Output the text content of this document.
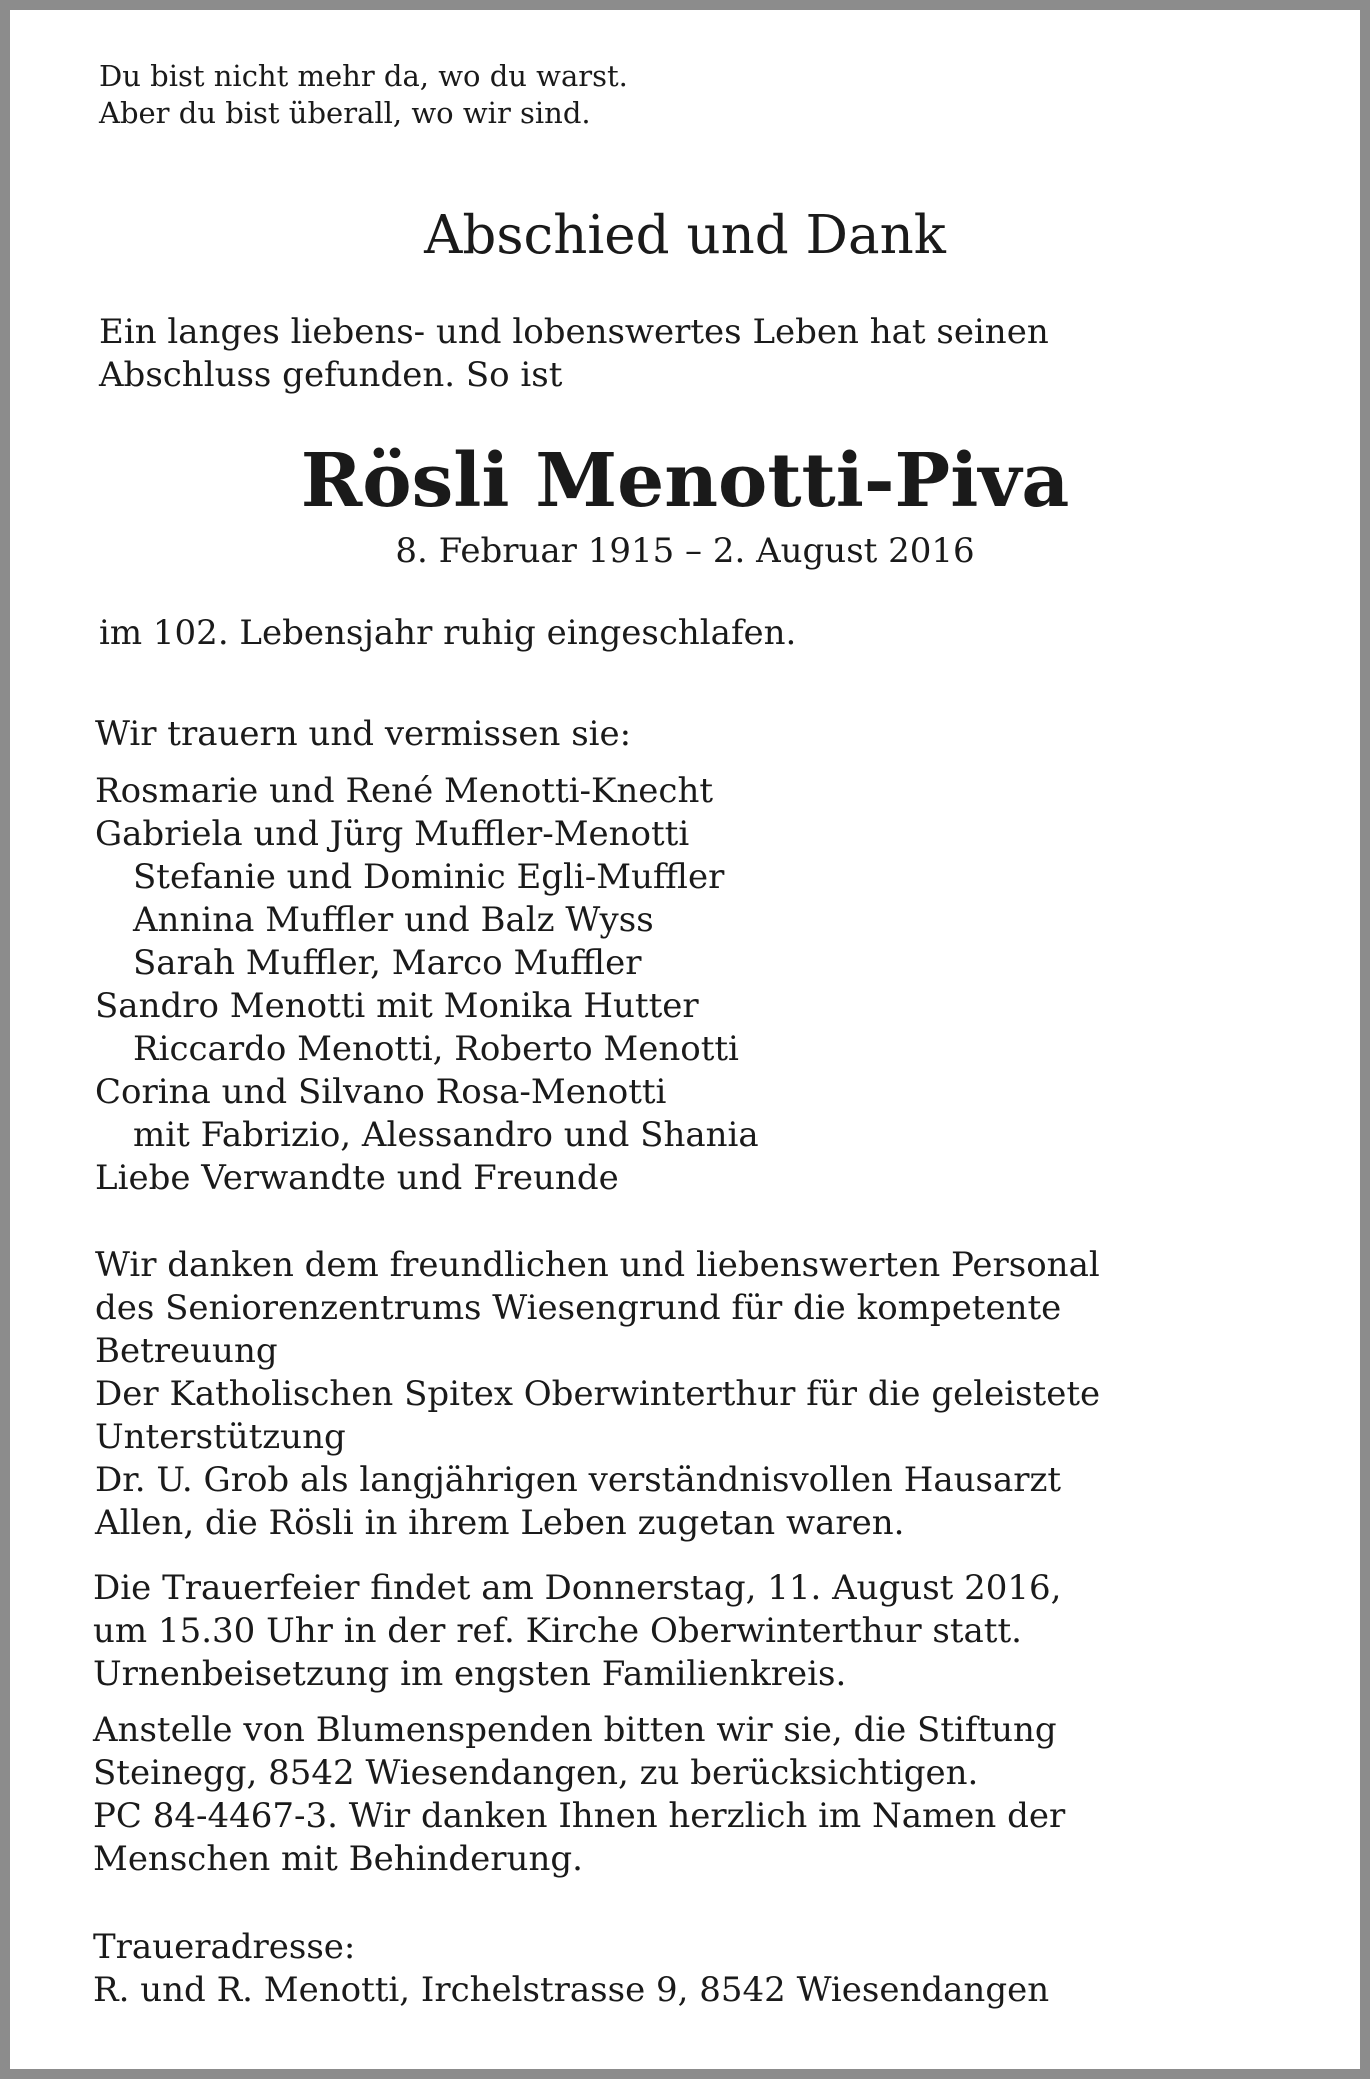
Du bist nicht mehr da, wo du warst.
Aber du bist überall, wo wir sind.
Abschied und Dank
Ein langes liebens- und lobenswertes Leben hat seinen
Abschluss gefunden. So ist
Rösli Menotti-Piva
8. Februar 1915 – 2. August 2016
im 102. Lebensjahr ruhig eingeschlafen.
Wir trauern und vermissen sie:
Rosmarie und René Menotti-Knecht
Gabriela und Jürg Muffler-Menotti
Stefanie und Dominic Egli-Muffler
Annina Muffler und Balz Wyss
Sarah Muffler, Marco Muffler
Sandro Menotti mit Monika Hutter
Riccardo Menotti, Roberto Menotti
Corina und Silvano Rosa-Menotti
mit Fabrizio, Alessandro und Shania
Liebe Verwandte und Freunde
Wir danken dem freundlichen und liebenswerten Personal
des Seniorenzentrums Wiesengrund für die kompetente
Betreuung
Der Katholischen Spitex Oberwinterthur für die geleistete
Unterstützung
Dr. U. Grob als langjährigen verständnisvollen Hausarzt
Allen, die Rösli in ihrem Leben zugetan waren.
Die Trauerfeier findet am Donnerstag, 11. August 2016,
um 15.30 Uhr in der ref. Kirche Oberwinterthur statt.
Urnenbeisetzung im engsten Familienkreis.
Anstelle von Blumenspenden bitten wir sie, die Stiftung
Steinegg, 8542 Wiesendangen, zu berücksichtigen.
PC 84-4467-3. Wir danken Ihnen herzlich im Namen der
Menschen mit Behinderung.
Traueradresse:
R. und R. Menotti, Irchelstrasse 9, 8542 Wiesendangen
